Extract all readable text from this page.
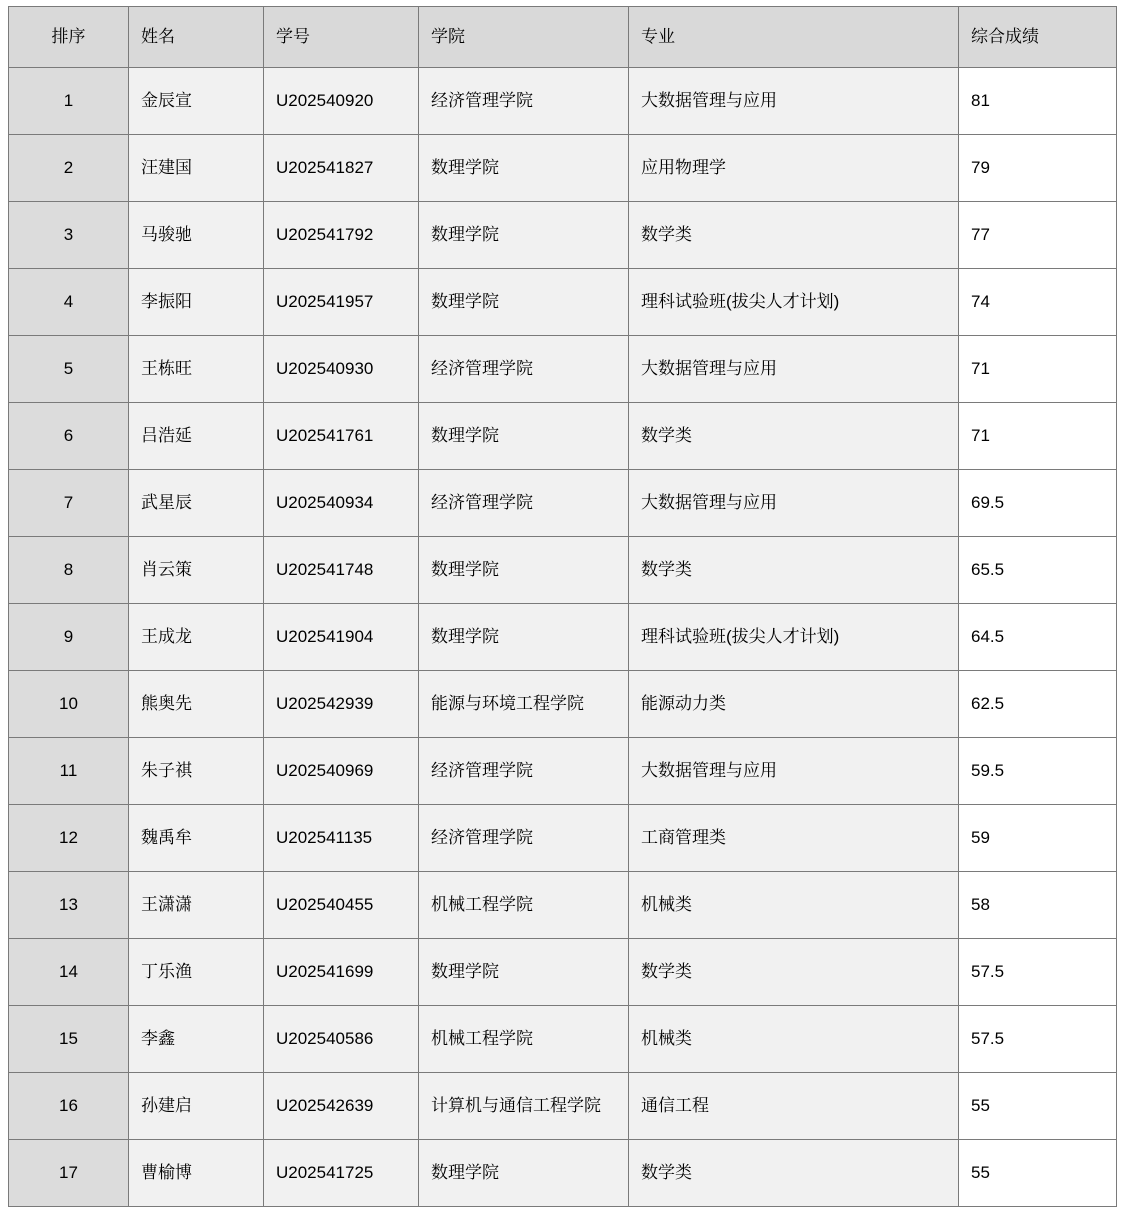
排序	姓名	学号	学院	专业	综合成绩
1	金辰宣	U202540920	经济管理学院	大数据管理与应用	81
2	汪建国	U202541827	数理学院	应用物理学	79
3	马骏驰	U202541792	数理学院	数学类	77
4	李振阳	U202541957	数理学院	理科试验班(拔尖人才计划)	74
5	王栋旺	U202540930	经济管理学院	大数据管理与应用	71
6	吕浩延	U202541761	数理学院	数学类	71
7	武星辰	U202540934	经济管理学院	大数据管理与应用	69.5
8	肖云策	U202541748	数理学院	数学类	65.5
9	王成龙	U202541904	数理学院	理科试验班(拔尖人才计划)	64.5
10	熊奥先	U202542939	能源与环境工程学院	能源动力类	62.5
11	朱子祺	U202540969	经济管理学院	大数据管理与应用	59.5
12	魏禹牟	U202541135	经济管理学院	工商管理类	59
13	王潇潇	U202540455	机械工程学院	机械类	58
14	丁乐渔	U202541699	数理学院	数学类	57.5
15	李鑫	U202540586	机械工程学院	机械类	57.5
16	孙建启	U202542639	计算机与通信工程学院	通信工程	55
17	曹榆博	U202541725	数理学院	数学类	55
